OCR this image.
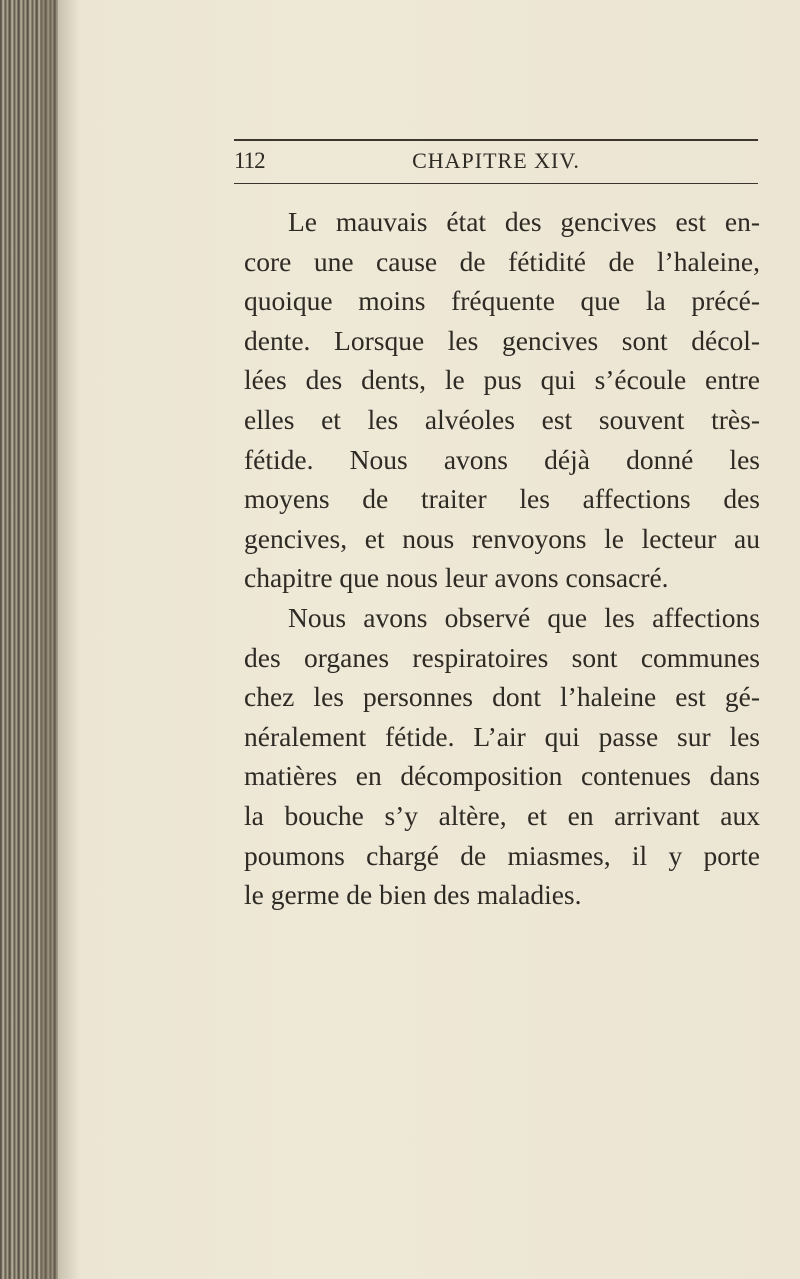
112	CHAPITRE XIV.
Le mauvais état des gencives est en-
core une cause de fétidité de l’haleine,
quoique moins fréquente que la précé-
dente. Lorsque les gencives sont décol-
lées des dents, le pus qui s’écoule entre
elles et les alvéoles est souvent très-
fétide. Nous avons déjà donné les
moyens de traiter les affections des
gencives, et nous renvoyons le lecteur au
chapitre que nous leur avons consacré.
Nous avons observé que les affections
des organes respiratoires sont communes
chez les personnes dont l’haleine est gé-
néralement fétide. L’air qui passe sur les
matières en décomposition contenues dans
la bouche s’y altère, et en arrivant aux
poumons chargé de miasmes, il y porte
le germe de bien des maladies.
